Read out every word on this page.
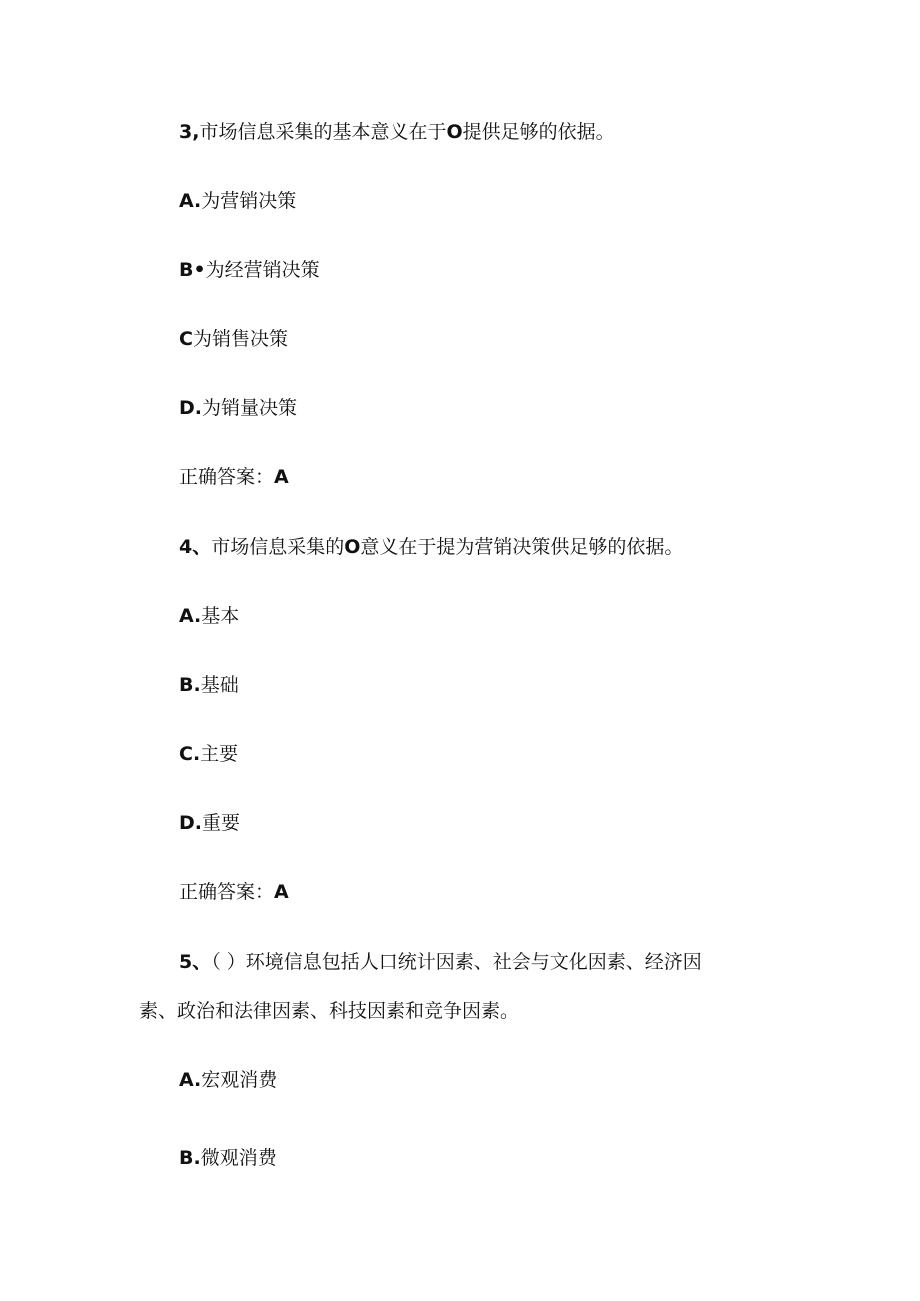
3,市场信息采集的基本意义在于O提供足够的依据。
A.为营销决策
B•为经营销决策
C为销售决策
D.为销量决策
正确答案：A
4、市场信息采集的O意义在于提为营销决策供足够的依据。
A.基本
B.基础
C.主要
D.重要
正确答案：A
5、（ ）环境信息包括人口统计因素、社会与文化因素、经济因
素、政治和法律因素、科技因素和竞争因素。
A.宏观消费
B.微观消费
